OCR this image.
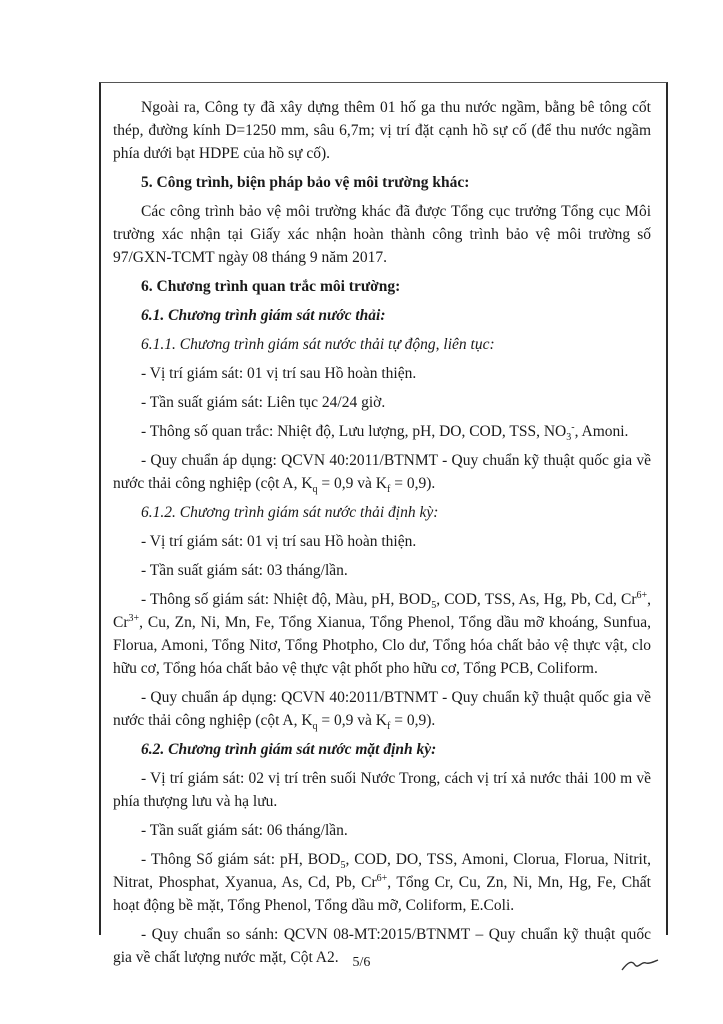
Ngoài ra, Công ty đã xây dựng thêm 01 hố ga thu nước ngầm, bằng bê tông cốt thép, đường kính D=1250 mm, sâu 6,7m; vị trí đặt cạnh hồ sự cố (để thu nước ngầm phía dưới bạt HDPE của hồ sự cố).

5. Công trình, biện pháp bảo vệ môi trường khác:

Các công trình bảo vệ môi trường khác đã được Tổng cục trưởng Tổng cục Môi trường xác nhận tại Giấy xác nhận hoàn thành công trình bảo vệ môi trường số 97/GXN-TCMT ngày 08 tháng 9 năm 2017.

6. Chương trình quan trắc môi trường:

6.1. Chương trình giám sát nước thải:

6.1.1. Chương trình giám sát nước thải tự động, liên tục:

- Vị trí giám sát: 01 vị trí sau Hồ hoàn thiện.

- Tần suất giám sát: Liên tục 24/24 giờ.

- Thông số quan trắc: Nhiệt độ, Lưu lượng, pH, DO, COD, TSS, $NO_3^-$, Amoni.

- Quy chuẩn áp dụng: QCVN 40:2011/BTNMT - Quy chuẩn kỹ thuật quốc gia về nước thải công nghiệp (cột A, $K_q = 0,9$ và $K_f = 0,9$).

6.1.2. Chương trình giám sát nước thải định kỳ:

- Vị trí giám sát: 01 vị trí sau Hồ hoàn thiện.

- Tần suất giám sát: 03 tháng/lần.

- Thông số giám sát: Nhiệt độ, Màu, pH, $BOD_5$, COD, TSS, As, Hg, Pb, Cd, $Cr^{6+}$, $Cr^{3+}$, Cu, Zn, Ni, Mn, Fe, Tổng Xianua, Tổng Phenol, Tổng dầu mỡ khoáng, Sunfua, Florua, Amoni, Tổng Nitơ, Tổng Photpho, Clo dư, Tổng hóa chất bảo vệ thực vật, clo hữu cơ, Tổng hóa chất bảo vệ thực vật phốt pho hữu cơ, Tổng PCB, Coliform.

- Quy chuẩn áp dụng: QCVN 40:2011/BTNMT - Quy chuẩn kỹ thuật quốc gia về nước thải công nghiệp (cột A, $K_q = 0,9$ và $K_f = 0,9$).

6.2. Chương trình giám sát nước mặt định kỳ:

- Vị trí giám sát: 02 vị trí trên suối Nước Trong, cách vị trí xả nước thải 100 m về phía thượng lưu và hạ lưu.

- Tần suất giám sát: 06 tháng/lần.

- Thông Số giám sát: pH, $BOD_5$, COD, DO, TSS, Amoni, Clorua, Florua, Nitrit, Nitrat, Phosphat, Xyanua, As, Cd, Pb, $Cr^{6+}$, Tổng Cr, Cu, Zn, Ni, Mn, Hg, Fe, Chất hoạt động bề mặt, Tổng Phenol, Tổng dầu mỡ, Coliform, E.Coli.

- Quy chuẩn so sánh: QCVN 08-MT:2015/BTNMT – Quy chuẩn kỹ thuật quốc gia về chất lượng nước mặt, Cột A2. 5/6
